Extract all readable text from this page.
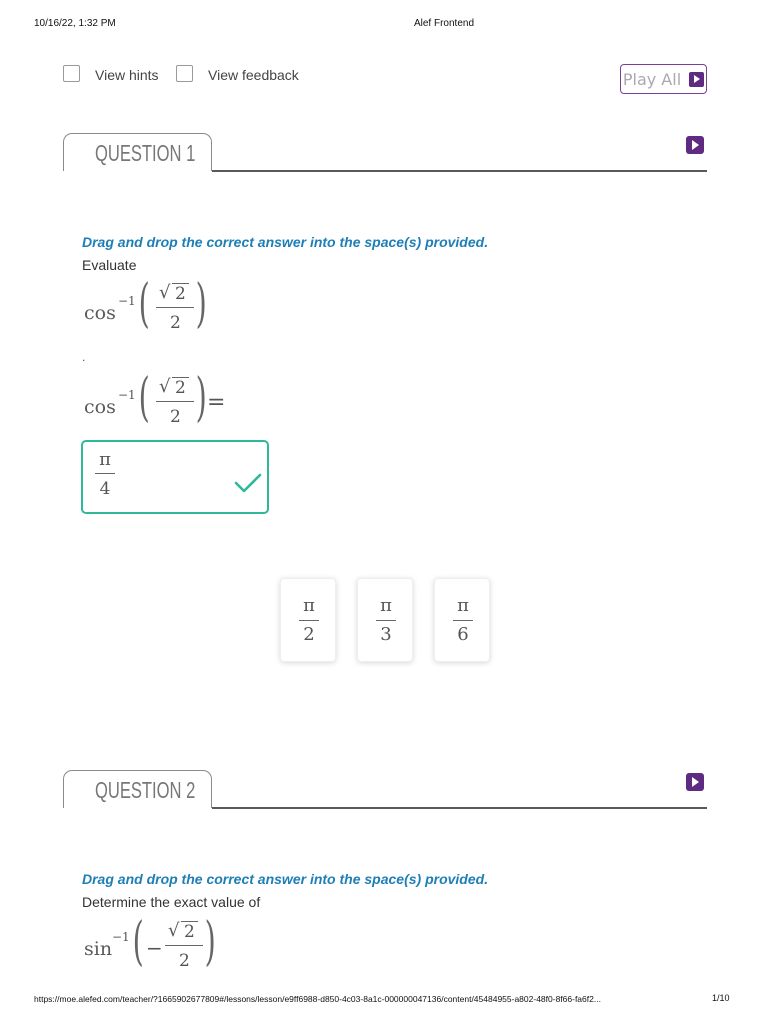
10/16/22, 1:32 PM	Alef Frontend
View hints	View feedback	Play All
QUESTION 1
Drag and drop the correct answer into the space(s) provided.
Evaluate
cos
−1 ( √ 2
2 )
.
cos
−1 ( √ 2
2 ) =
π
4
π
2
π
3
π
6
QUESTION 2
Drag and drop the correct answer into the space(s) provided.
Determine the exact value of
sin
−1 ( −
√ 2
2 )
https://moe.alefed.com/teacher/?1665902677809#/lessons/lesson/e9ff6988-d850-4c03-8a1c-000000047136/content/45484955-a802-48f0-8f66-fa6f2...	1/10
